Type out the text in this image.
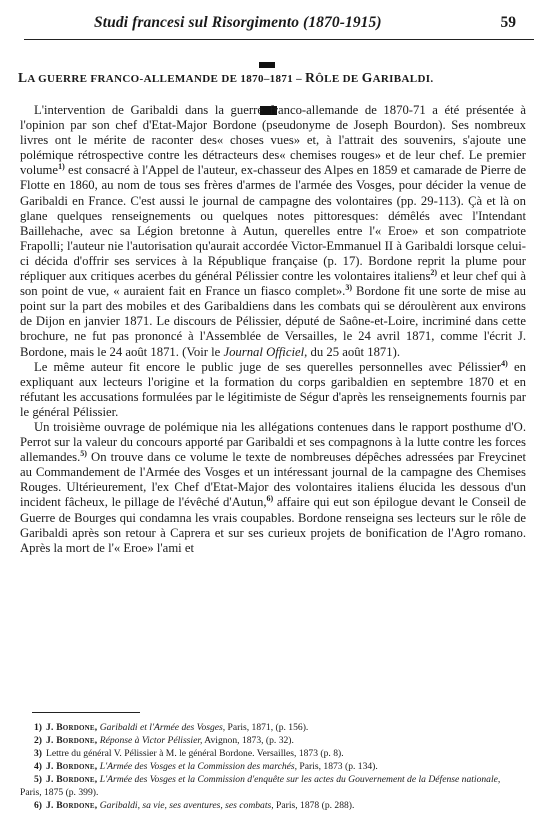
Studi francesi sul Risorgimento (1870-1915)	59
LA GUERRE FRANCO-ALLEMANDE DE 1870–1871 – RÔLE DE GARIBALDI.

L'intervention de Garibaldi dans la guerre franco-allemande de 1870-71 a été présentée à l'opinion par son chef d'Etat-Major Bordone (pseudonyme de Joseph Bourdon). Ses nombreux livres ont le mérite de raconter des« choses vues» et, à l'attrait des souvenirs, s'ajoute une polémique rétrospective contre les détracteurs des« chemises rouges» et de leur chef. Le premier volume$^{1)}$ est consacré à l'Appel de l'auteur, ex-chasseur des Alpes en 1859 et camarade de Pierre de Flotte en 1860, au nom de tous ses frères d'armes de l'armée des Vosges, pour décider la venue de Garibaldi en France. C'est aussi le journal de campagne des volontaires (pp. 29-113). Çà et là on glane quelques renseignements ou quelques notes pittoresques: démêlés avec l'Intendant Baillehache, avec sa Légion bretonne à Autun, querelles entre l'« Eroe» et son compatriote Frapolli; l'auteur nie l'autorisation qu'aurait accordée Victor-Emmanuel II à Garibaldi lorsque celui-ci décida d'offrir ses services à la République française (p. 17). Bordone reprit la plume pour répliquer aux critiques acerbes du général Pélissier contre les volontaires italiens$^{2)}$ et leur chef qui à son point de vue, « auraient fait en France un fiasco complet».$^{3)}$ Bordone fit une sorte de mise au point sur la part des mobiles et des Garibaldiens dans les combats qui se déroulèrent aux environs de Dijon en janvier 1871. Le discours de Pélissier, député de Saône-et-Loire, incriminé dans cette brochure, ne fut pas prononcé à l'Assemblée de Versailles, le 24 avril 1871, comme l'écrit J. Bordone, mais le 24 août 1871. (Voir le Journal Officiel, du 25 août 1871).

Le même auteur fit encore le public juge de ses querelles personnelles avec Pélissier$^{4)}$ en expliquant aux lecteurs l'origine et la formation du corps garibaldien en septembre 1870 et en réfutant les accusations formulées par le légitimiste de Ségur d'après les renseignements fournis par le général Pélissier.

Un troisième ouvrage de polémique nia les allégations contenues dans le rapport posthume d'O. Perrot sur la valeur du concours apporté par Garibaldi et ses compagnons à la lutte contre les forces allemandes.$^{5)}$ On trouve dans ce volume le texte de nombreuses dépêches adressées par Freycinet au Commandement de l'Armée des Vosges et un intéressant journal de la campagne des Chemises Rouges. Ultérieurement, l'ex Chef d'Etat-Major des volontaires italiens élucida les dessous d'un incident fâcheux, le pillage de l'évêché d'Autun,$^{6)}$ affaire qui eut son épilogue devant le Conseil de Guerre de Bourges qui condamna les vrais coupables. Bordone renseigna ses lecteurs sur le rôle de Garibaldi après son retour à Caprera et sur ses curieux projets de bonification de l'Agro romano. Après la mort de l'« Eroe» l'ami et

1) J. Bordone, Garibaldi et l'Armée des Vosges, Paris, 1871, (p. 156).
2) J. Bordone, Réponse à Victor Pélissier, Avignon, 1873, (p. 32).
3) Lettre du général V. Pélissier à M. le général Bordone. Versailles, 1873 (p. 8).
4) J. Bordone, L'Armée des Vosges et la Commission des marchés, Paris, 1873 (p. 134).
5) J. Bordone, L'Armée des Vosges et la Commission d'enquête sur les actes du Gouvernement de la Défense nationale, Paris, 1875 (p. 399).
6) J. Bordone, Garibaldi, sa vie, ses aventures, ses combats, Paris, 1878 (p. 288).
